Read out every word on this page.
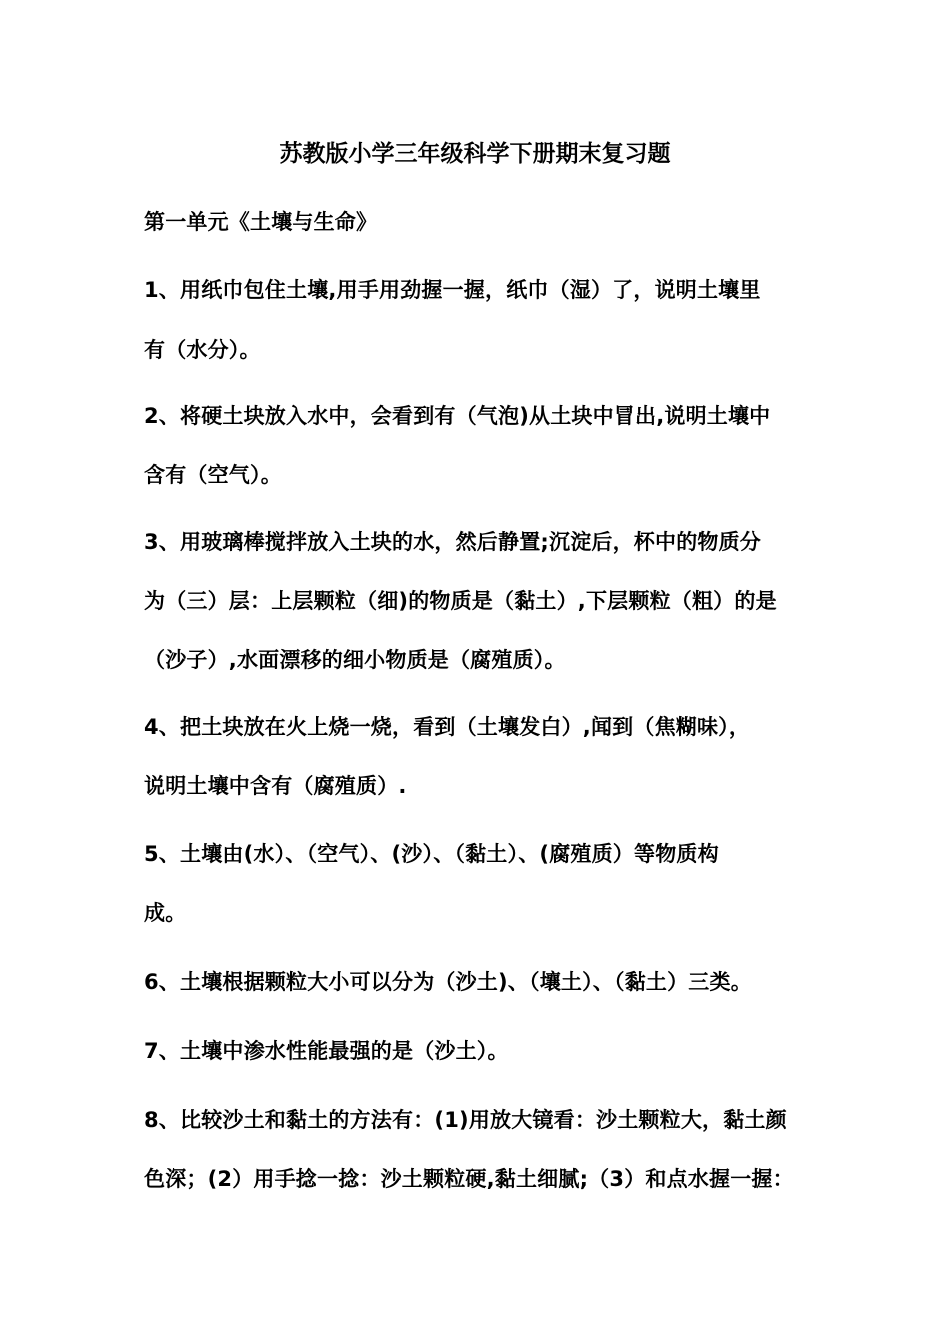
苏教版小学三年级科学下册期末复习题
第一单元《土壤与生命》
1、用纸巾包住土壤,用手用劲握一握，纸巾（湿）了，说明土壤里
有（水分）。
2、将硬土块放入水中，会看到有（气泡)从土块中冒出,说明土壤中
含有（空气）。
3、用玻璃棒搅拌放入土块的水，然后静置;沉淀后，杯中的物质分
为（三）层：上层颗粒（细)的物质是（黏土）,下层颗粒（粗）的是
（沙子）,水面漂移的细小物质是（腐殖质）。
4、把土块放在火上烧一烧，看到（土壤发白）,闻到（焦糊味），
说明土壤中含有（腐殖质）.
5、土壤由(水）、（空气）、(沙）、（黏土）、(腐殖质）等物质构
成。
6、土壤根据颗粒大小可以分为（沙土)、（壤土）、（黏土）三类。
7、土壤中渗水性能最强的是（沙土）。
8、比较沙土和黏土的方法有：(1)用放大镜看：沙土颗粒大，黏土颜
色深；(2）用手捻一捻：沙土颗粒硬,黏土细腻;（3）和点水握一握：
